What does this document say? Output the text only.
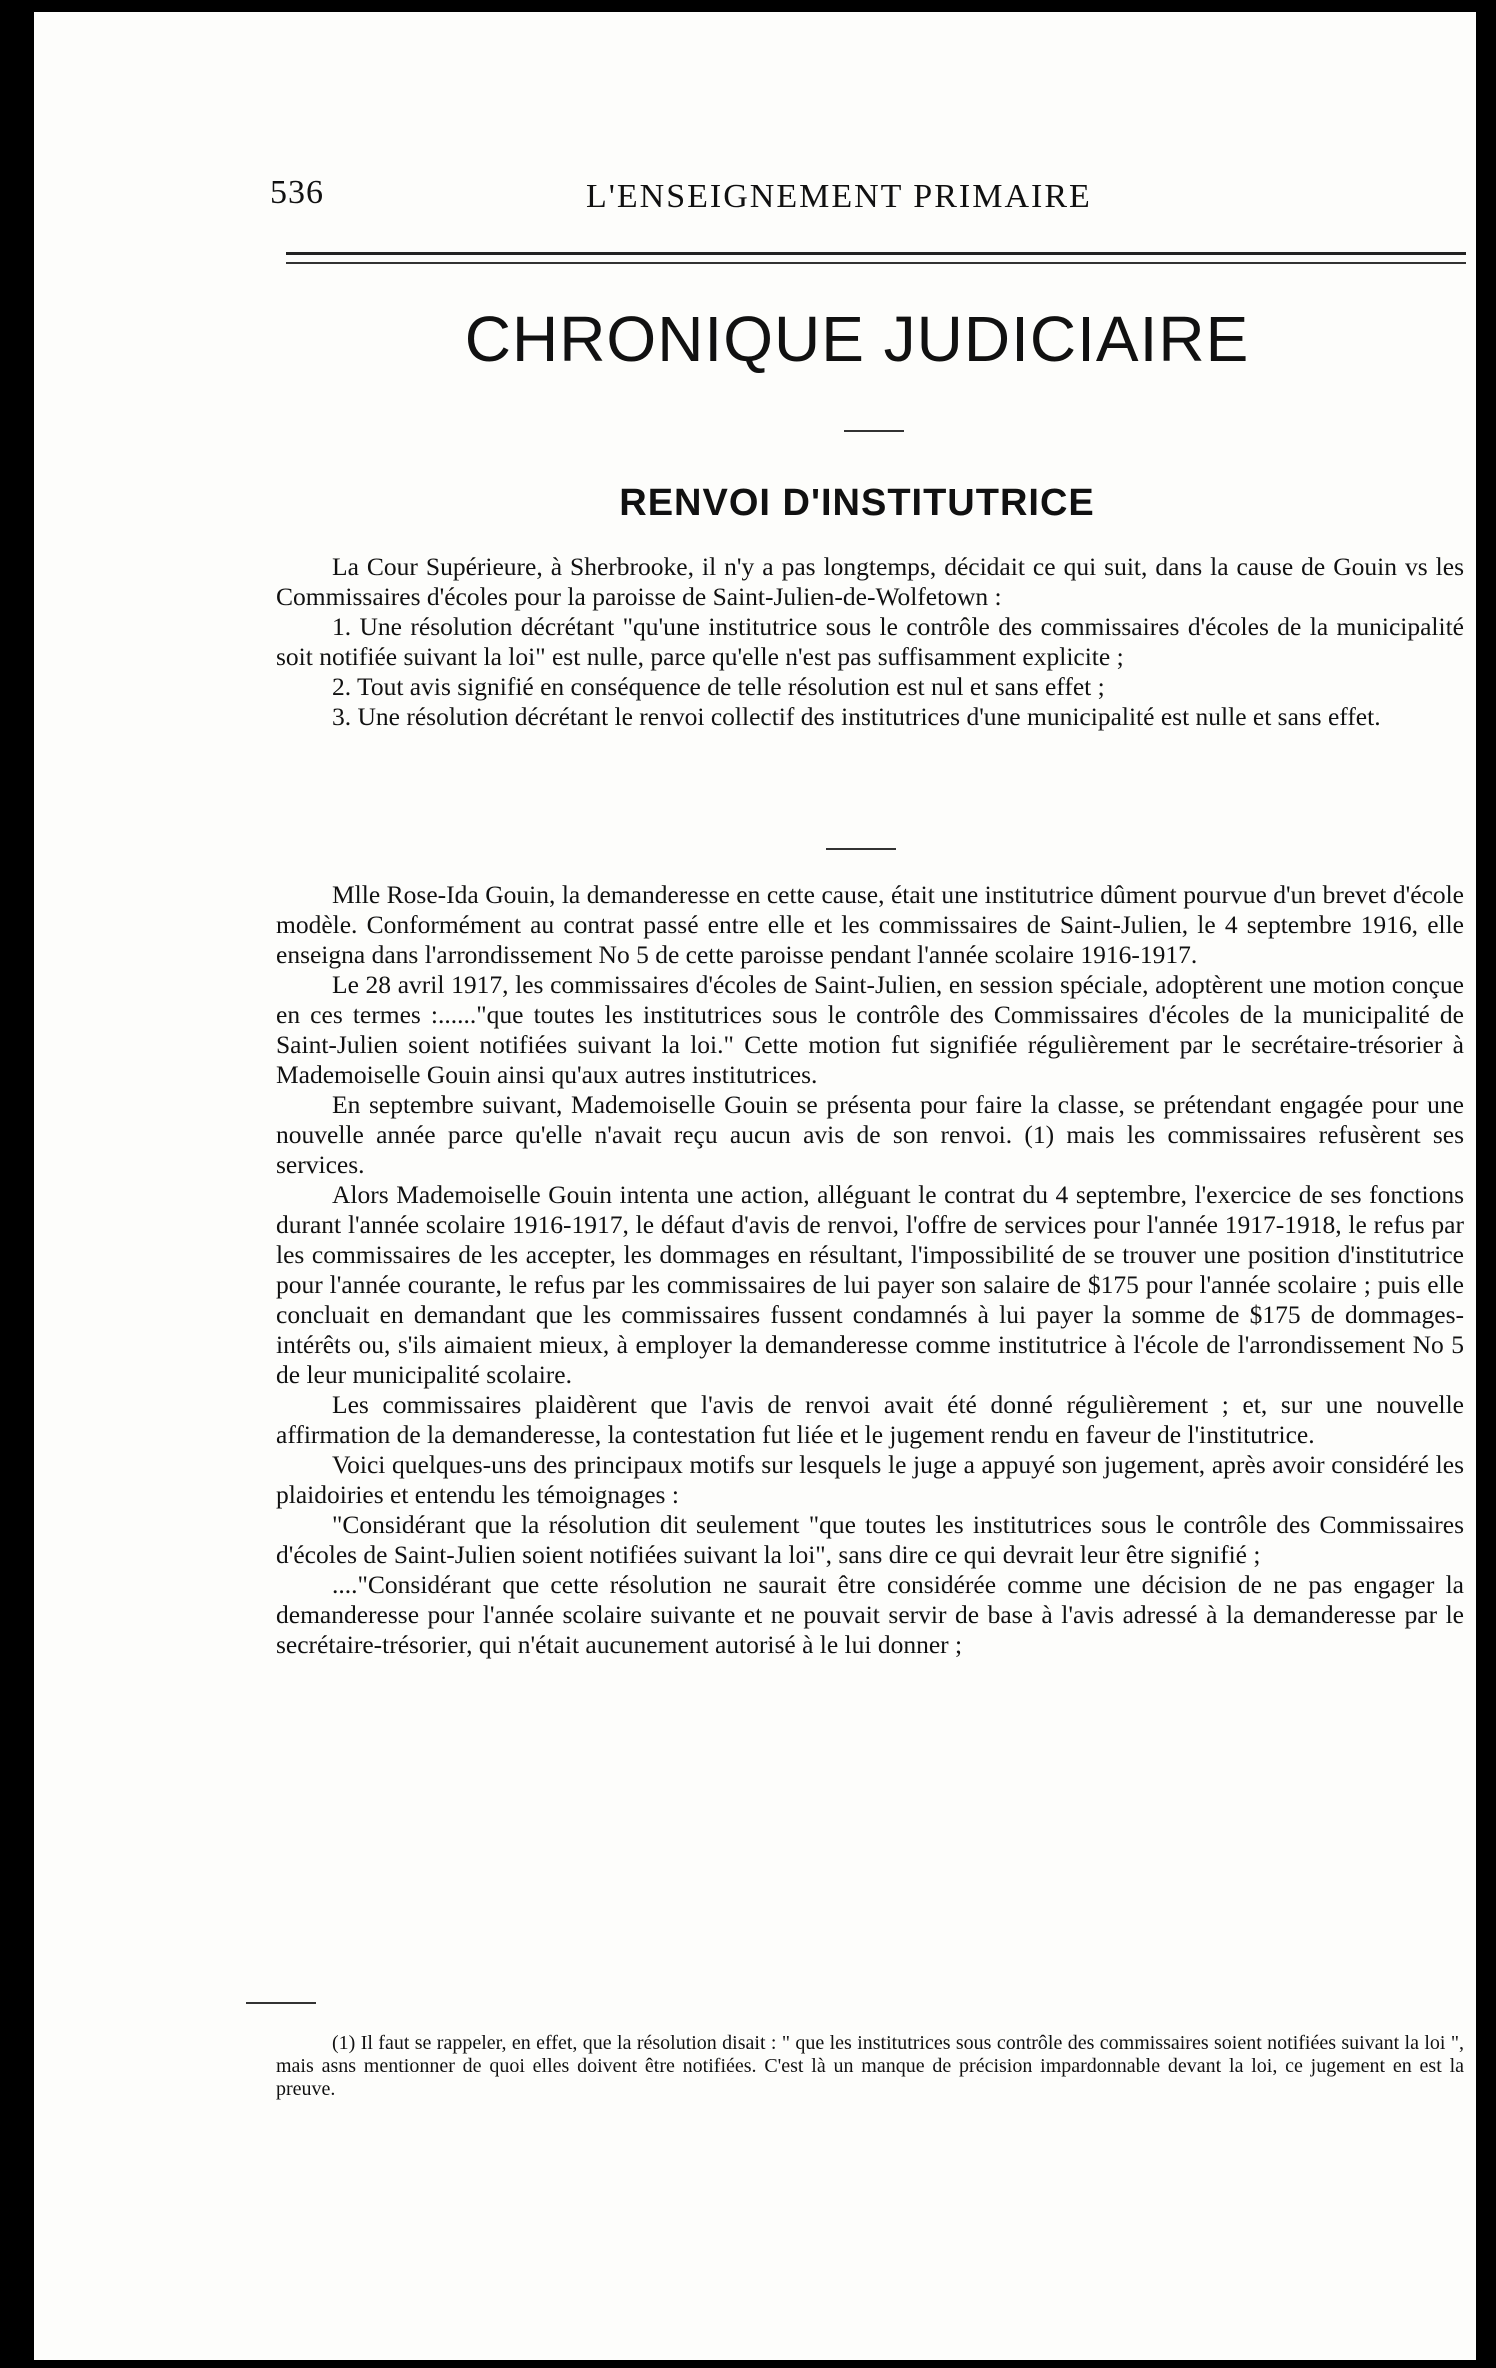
536	L'ENSEIGNEMENT PRIMAIRE
CHRONIQUE JUDICIAIRE
RENVOI D'INSTITUTRICE

La Cour Supérieure, à Sherbrooke, il n'y a pas longtemps, décidait ce qui suit, dans la cause de Gouin vs les Commissaires d'écoles pour la paroisse de Saint-Julien-de-Wolfetown :

1. Une résolution décrétant "qu'une institutrice sous le contrôle des commissaires d'écoles de la municipalité soit notifiée suivant la loi" est nulle, parce qu'elle n'est pas suffisamment explicite ;

2. Tout avis signifié en conséquence de telle résolution est nul et sans effet ;

3. Une résolution décrétant le renvoi collectif des institutrices d'une municipalité est nulle et sans effet.

Mlle Rose-Ida Gouin, la demanderesse en cette cause, était une institutrice dûment pourvue d'un brevet d'école modèle. Conformément au contrat passé entre elle et les commissaires de Saint-Julien, le 4 septembre 1916, elle enseigna dans l'arrondissement No 5 de cette paroisse pendant l'année scolaire 1916-1917.

Le 28 avril 1917, les commissaires d'écoles de Saint-Julien, en session spéciale, adoptèrent une motion conçue en ces termes :......"que toutes les institutrices sous le contrôle des Commissaires d'écoles de la municipalité de Saint-Julien soient notifiées suivant la loi." Cette motion fut signifiée régulièrement par le secrétaire-trésorier à Mademoiselle Gouin ainsi qu'aux autres institutrices.

En septembre suivant, Mademoiselle Gouin se présenta pour faire la classe, se prétendant engagée pour une nouvelle année parce qu'elle n'avait reçu aucun avis de son renvoi. (1) mais les commissaires refusèrent ses services.

Alors Mademoiselle Gouin intenta une action, alléguant le contrat du 4 septembre, l'exercice de ses fonctions durant l'année scolaire 1916-1917, le défaut d'avis de renvoi, l'offre de services pour l'année 1917-1918, le refus par les commissaires de les accepter, les dommages en résultant, l'impossibilité de se trouver une position d'institutrice pour l'année courante, le refus par les commissaires de lui payer son salaire de $175 pour l'année scolaire ; puis elle concluait en demandant que les commissaires fussent condamnés à lui payer la somme de $175 de dommages-intérêts ou, s'ils aimaient mieux, à employer la demanderesse comme institutrice à l'école de l'arrondissement No 5 de leur municipalité scolaire.

Les commissaires plaidèrent que l'avis de renvoi avait été donné régulièrement ; et, sur une nouvelle affirmation de la demanderesse, la contestation fut liée et le jugement rendu en faveur de l'institutrice.

Voici quelques-uns des principaux motifs sur lesquels le juge a appuyé son jugement, après avoir considéré les plaidoiries et entendu les témoignages :

"Considérant que la résolution dit seulement "que toutes les institutrices sous le contrôle des Commissaires d'écoles de Saint-Julien soient notifiées suivant la loi", sans dire ce qui devrait leur être signifié ;

...."Considérant que cette résolution ne saurait être considérée comme une décision de ne pas engager la demanderesse pour l'année scolaire suivante et ne pouvait servir de base à l'avis adressé à la demanderesse par le secrétaire-trésorier, qui n'était aucunement autorisé à le lui donner ;

(1) Il faut se rappeler, en effet, que la résolution disait : " que les institutrices sous contrôle des commissaires soient notifiées suivant la loi ", mais asns mentionner de quoi elles doivent être notifiées. C'est là un manque de précision impardonnable devant la loi, ce jugement en est la preuve.
